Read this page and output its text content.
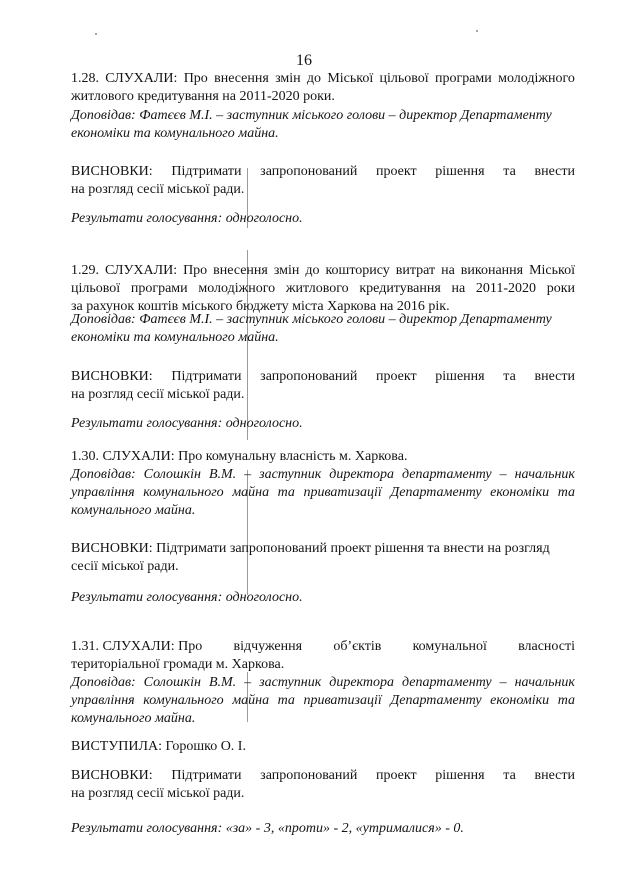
16
1.28. СЛУХАЛИ: Про внесення змін до Міської цільової програми молодіжного
житлового кредитування на 2011-2020 роки.
Доповідав: Фатєєв М.І. – заступник міського голови – директор Департаменту
економіки та комунального майна.
ВИСНОВКИ: Підтримати запропонований проект рішення та внести
на розгляд сесії міської ради.
Результати голосування: одноголосно.
1.29. СЛУХАЛИ: Про внесення змін до кошторису витрат на виконання Міської
цільової програми молодіжного житлового кредитування на 2011-2020 роки
за рахунок коштів міського бюджету міста Харкова на 2016 рік.
Доповідав: Фатєєв М.І. – заступник міського голови – директор Департаменту
економіки та комунального майна.
ВИСНОВКИ: Підтримати запропонований проект рішення та внести
на розгляд сесії міської ради.
Результати голосування: одноголосно.
1.30. СЛУХАЛИ: Про комунальну власність м. Харкова.
Доповідав: Солошкін В.М. – заступник директора департаменту – начальник
управління комунального майна та приватизації Департаменту економіки та
комунального майна.
ВИСНОВКИ: Підтримати запропонований проект рішення та внести на розгляд
сесії міської ради.
Результати голосування: одноголосно.
1.31. СЛУХАЛИ: Про відчуження об’єктів комунальної власності
територіальної громади м. Харкова.
Доповідав: Солошкін В.М. – заступник директора департаменту – начальник
управління комунального майна та приватизації Департаменту економіки та
комунального майна.
ВИСТУПИЛА: Горошко О. І.
ВИСНОВКИ: Підтримати запропонований проект рішення та внести
на розгляд сесії міської ради.
Результати голосування: «за» - 3, «проти» - 2, «утрималися» - 0.
